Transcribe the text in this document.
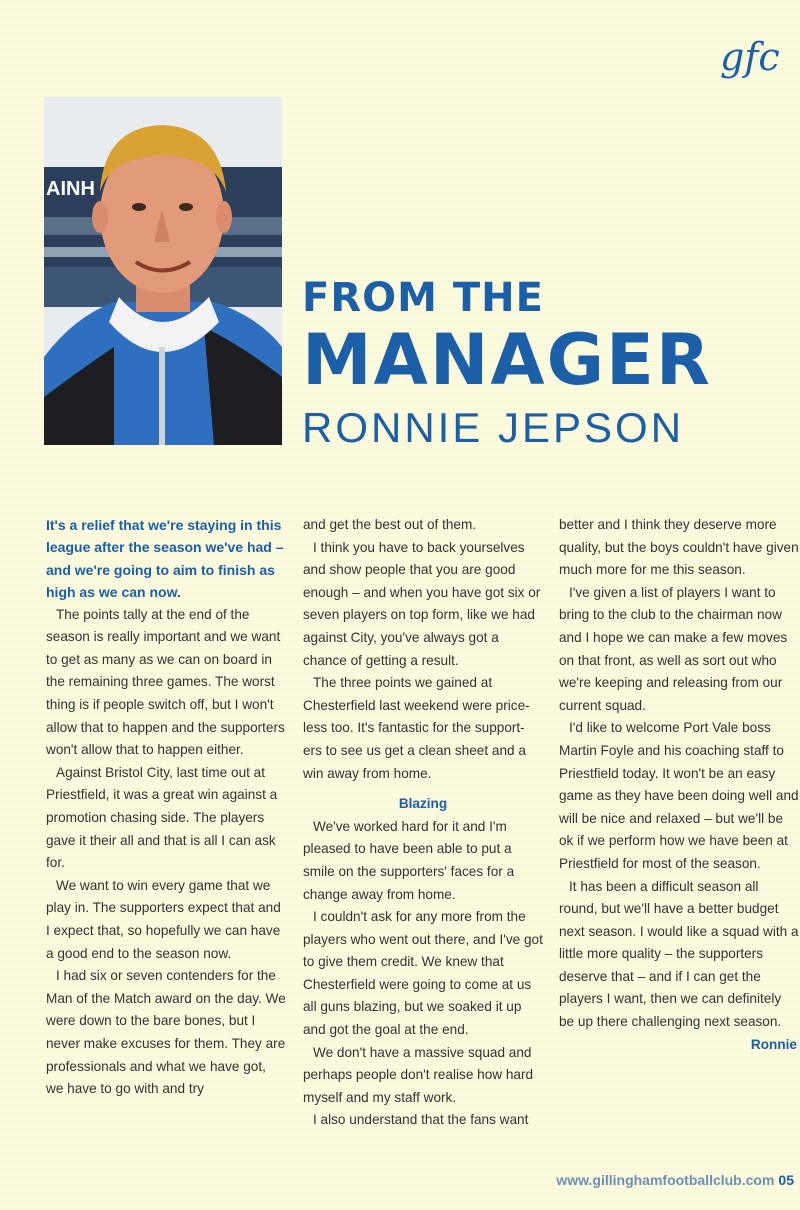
gfc
AINH
FROM THE
MANAGER
RONNIE JEPSON

It's a relief that we're staying in this league after the season we've had – and we're going to aim to finish as high as we can now.

The points tally at the end of the season is really important and we want to get as many as we can on board in the remaining three games. The worst thing is if people switch off, but I won't allow that to happen and the supporters won't allow that to happen either.

Against Bristol City, last time out at Priestfield, it was a great win against a promotion chasing side. The players gave it their all and that is all I can ask for.

We want to win every game that we play in. The supporters expect that and I expect that, so hopefully we can have a good end to the season now.

I had six or seven contenders for the Man of the Match award on the day. We were down to the bare bones, but I never make excuses for them. They are professionals and what we have got, we have to go with and try

and get the best out of them.

I think you have to back yourselves and show people that you are good enough – and when you have got six or seven players on top form, like we had against City, you've always got a chance of getting a result.

The three points we gained at Chesterfield last weekend were price-less too. It's fantastic for the support-ers to see us get a clean sheet and a win away from home.

Blazing

We've worked hard for it and I'm pleased to have been able to put a smile on the supporters' faces for a change away from home.

I couldn't ask for any more from the players who went out there, and I've got to give them credit. We knew that Chesterfield were going to come at us all guns blazing, but we soaked it up and got the goal at the end.

We don't have a massive squad and perhaps people don't realise how hard myself and my staff work.

I also understand that the fans want

better and I think they deserve more quality, but the boys couldn't have given much more for me this season.

I've given a list of players I want to bring to the club to the chairman now and I hope we can make a few moves on that front, as well as sort out who we're keeping and releasing from our current squad.

I'd like to welcome Port Vale boss Martin Foyle and his coaching staff to Priestfield today. It won't be an easy game as they have been doing well and will be nice and relaxed – but we'll be ok if we perform how we have been at Priestfield for most of the season.

It has been a difficult season all round, but we'll have a better budget next season. I would like a squad with a little more quality – the supporters deserve that – and if I can get the players I want, then we can definitely be up there challenging next season.

Ronnie

www.gillinghamfootballclub.com 05
